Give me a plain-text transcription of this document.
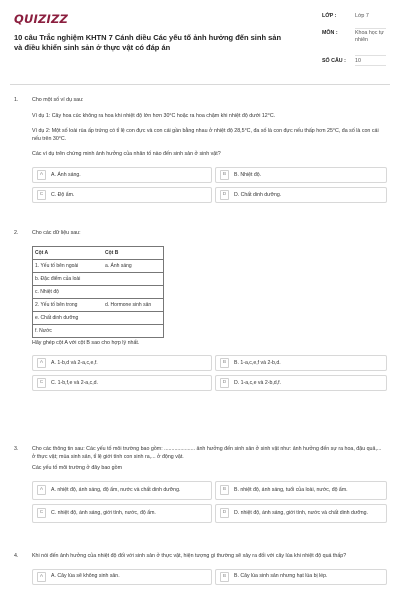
QUIZIZZ
10 câu Trắc nghiệm KHTN 7 Cánh diều Các yếu tố ảnh hưởng đến sinh sản và điều khiển sinh sản ở thực vật có đáp án
LỚP :	Lớp 7
MÔN :	Khoa học tự nhiên
SỐ CÂU :	10
1.	Cho một số ví dụ sau:

Ví dụ 1: Cây hoa cúc không ra hoa khi nhiệt độ lớn hơn 30°C hoặc ra hoa chậm khi nhiệt độ dưới 12°C.

Ví dụ 2: Một số loài rùa ấp trứng có tỉ lệ con đực và con cái gần bằng nhau ở nhiệt độ 28,5°C, đa số là con đực nếu thấp hơn 25°C, đa số là con cái nếu trên 30°C.

Các ví dụ trên chứng minh ảnh hưởng của nhân tố nào đến sinh sản ở sinh vật?

A	A. Ánh sáng.	B	B. Nhiệt độ.
C	C. Độ ẩm.	D	D. Chất dinh dưỡng.
2.	Cho các dữ liệu sau:

Cột A	Cột B
1. Yếu tố bên ngoài	a. Ánh sáng
b. Đặc điểm của loài	
c. Nhiệt độ	
2. Yếu tố bên trong	d. Hormone sinh sản
e. Chất dinh dưỡng	
f. Nước	

Hãy ghép cột A với cột B sao cho hợp lý nhất.

A	A. 1-b,d và 2-a,c,e,f.	B	B. 1-a,c,e,f và 2-b,d.
C	C. 1-b,f,e và 2-a,c,d.	D	D. 1-a,c,e và 2-b,d,f.
3.	Cho các thông tin sau: Các yếu tố môi trường bao gồm: ..................... ảnh hưởng đến sinh sản ở sinh vật như: ảnh hưởng đến sự ra hoa, đậu quả,... ở thực vật; mùa sinh sản, tỉ lệ giới tính con sinh ra,... ở động vật.

Các yếu tố môi trường ở đây bao gồm

A	A. nhiệt độ, ánh sáng, độ ẩm, nước và chất dinh dưỡng.	B	B. nhiệt độ, ánh sáng, tuổi của loài, nước, độ ẩm.
C	C. nhiệt độ, ánh sáng, giới tính, nước, độ ẩm.	D	D. nhiệt độ, ánh sáng, giới tính, nước và chất dinh dưỡng.
4.	Khi nói đến ảnh hưởng của nhiệt độ đối với sinh sản ở thực vật, hiện tượng gì thường sẽ xảy ra đối với cây lúa khi nhiệt độ quá thấp?

A	A. Cây lúa sẽ không sinh sản.	B	B. Cây lúa sinh sản nhưng hạt lúa bị lép.
